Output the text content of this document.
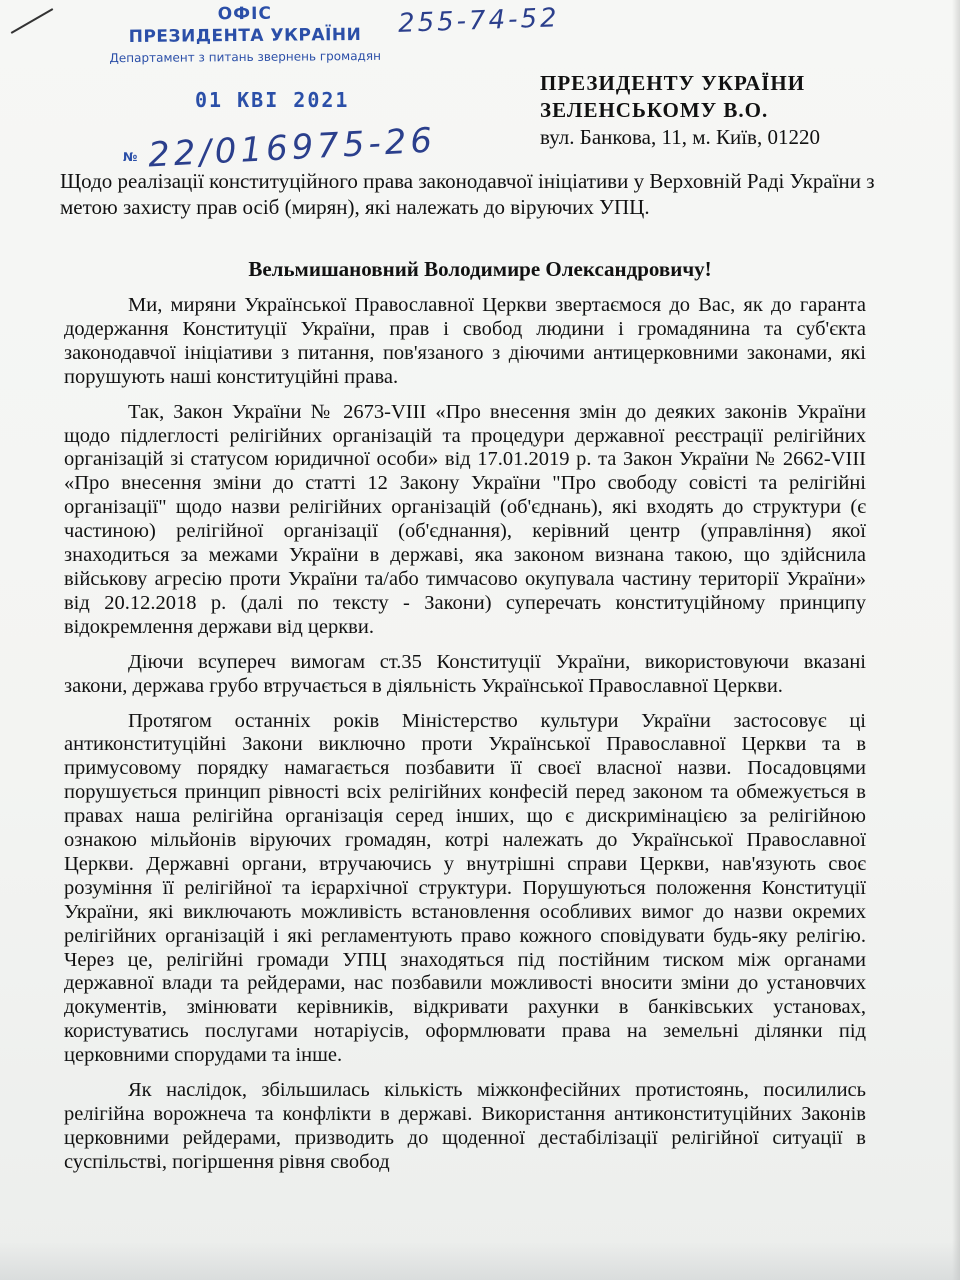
ОФІС
ПРЕЗИДЕНТА УКРАЇНИ
Департамент з питань звернень громадян
01 КВІ 2021
№ 22/016975-26
255-74-52
ПРЕЗИДЕНТУ УКРАЇНИ
ЗЕЛЕНСЬКОМУ В.О.
вул. Банкова, 11, м. Київ, 01220
Щодо реалізації конституційного права законодавчої ініціативи у Верховній Раді України з метою захисту прав осіб (мирян), які належать до віруючих УПЦ.
Вельмишановний Володимире Олександровичу!

Ми, миряни Української Православної Церкви звертаємося до Вас, як до гаранта додержання Конституції України, прав і свобод людини і громадянина та суб'єкта законодавчої ініціативи з питання, пов'язаного з діючими антицерковними законами, які порушують наші конституційні права.

Так, Закон України № 2673-VIII «Про внесення змін до деяких законів України щодо підлеглості релігійних організацій та процедури державної реєстрації релігійних організацій зі статусом юридичної особи» від 17.01.2019 р. та Закон України № 2662-VIII «Про внесення зміни до статті 12 Закону України "Про свободу совісті та релігійні організації" щодо назви релігійних організацій (об'єднань), які входять до структури (є частиною) релігійної організації (об'єднання), керівний центр (управління) якої знаходиться за межами України в державі, яка законом визнана такою, що здійснила військову агресію проти України та/або тимчасово окупувала частину території України» від 20.12.2018 р. (далі по тексту - Закони) суперечать конституційному принципу відокремлення держави від церкви.

Діючи всупереч вимогам ст.35 Конституції України, використовуючи вказані закони, держава грубо втручається в діяльність Української Православної Церкви.

Протягом останніх років Міністерство культури України застосовує ці антиконституційні Закони виключно проти Української Православної Церкви та в примусовому порядку намагається позбавити її своєї власної назви. Посадовцями порушується принцип рівності всіх релігійних конфесій перед законом та обмежується в правах наша релігійна організація серед інших, що є дискримінацією за релігійною ознакою мільйонів віруючих громадян, котрі належать до Української Православної Церкви. Державні органи, втручаючись у внутрішні справи Церкви, нав'язують своє розуміння її релігійної та ієрархічної структури. Порушуються положення Конституції України, які виключають можливість встановлення особливих вимог до назви окремих релігійних організацій і які регламентують право кожного сповідувати будь-яку релігію. Через це, релігійні громади УПЦ знаходяться під постійним тиском між органами державної влади та рейдерами, нас позбавили можливості вносити зміни до установчих документів, змінювати керівників, відкривати рахунки в банківських установах, користуватись послугами нотаріусів, оформлювати права на земельні ділянки під церковними спорудами та інше.

Як наслідок, збільшилась кількість міжконфесійних протистоянь, посилились релігійна ворожнеча та конфлікти в державі. Використання антиконституційних Законів церковними рейдерами, призводить до щоденної дестабілізації релігійної ситуації в суспільстві, погіршення рівня свобод
